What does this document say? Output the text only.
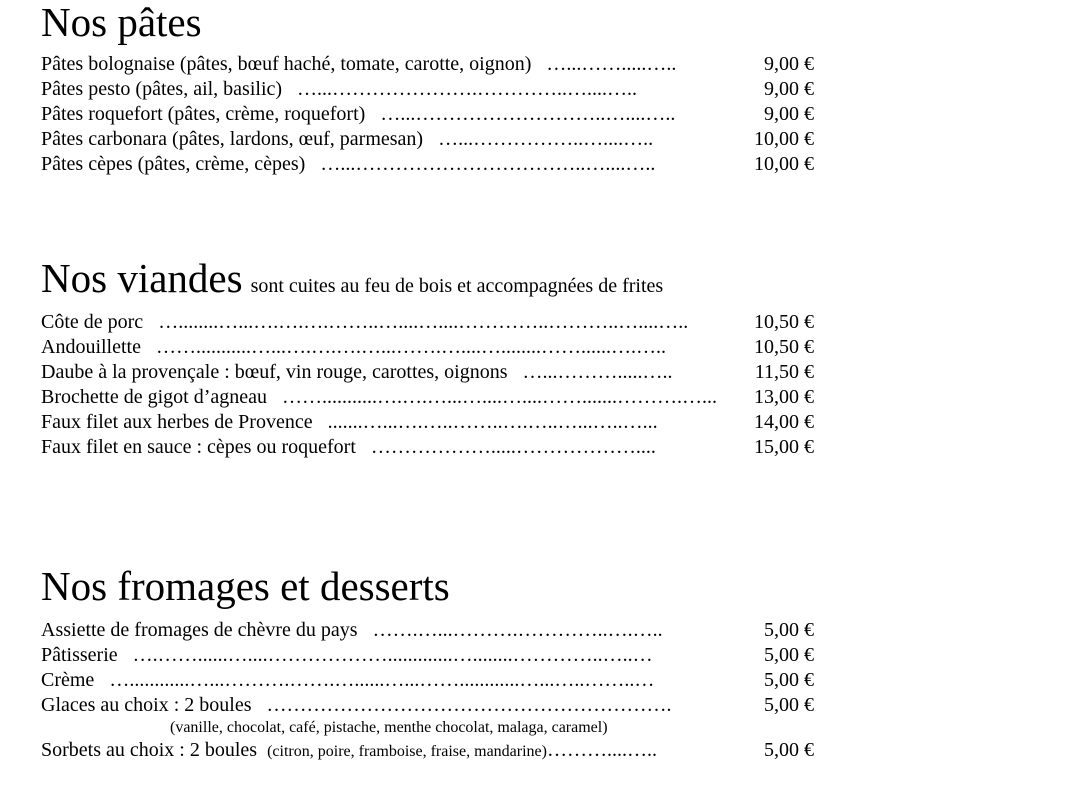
Nos pâtes
Pâtes bolognaise (pâtes, bœuf haché, tomate, carotte, oignon) …...…….....…..	9,00 €
Pâtes pesto (pâtes, ail, basilic) …...………………….…………..…....…..	9,00 €
Pâtes roquefort (pâtes, crème, roquefort) …...………………………..…....…..	9,00 €
Pâtes carbonara (pâtes, lardons, œuf, parmesan) …...……………..…....…..	10,00 €
Pâtes cèpes (pâtes, crème, cèpes) …...……………………………..…....…..	10,00 €
Nos viandes sont cuites au feu de bois et accompagnées de frites
Côte de porc …........…...….….….……..…....…....…………..………..…....…..	10,50 €
Andouillette ……...........…...….….….…...…….…....…........……......….…..	10,50 €
Daube à la provençale : bœuf, vin rouge, carottes, oignons …...……….....…..	11,50 €
Brochette de gigot d’agneau ……...........….….…...…....…....…….......……….…... 13,00 €
Faux filet aux herbes de Provence .......…...….…..……..….…..…...…..…...	14,00 €
Faux filet en sauce : cèpes ou roquefort ……………….....………………....	15,00 €
Nos fromages et desserts
Assiette de fromages de chèvre du pays …….…...……….…………..….…..	5,00 €
Pâtisserie ….……......…....……………….............…........…………..…..…	5,00 €
Crème …............…...……….…….…......…...……............…...…..……..…	5,00 €
Glaces au choix : 2 boules …………………………………………………….	5,00 €
(vanille, chocolat, café, pistache, menthe chocolat, malaga, caramel)
Sorbets au choix : 2 boules (citron, poire, framboise, fraise, mandarine)………....…..	5,00 €
